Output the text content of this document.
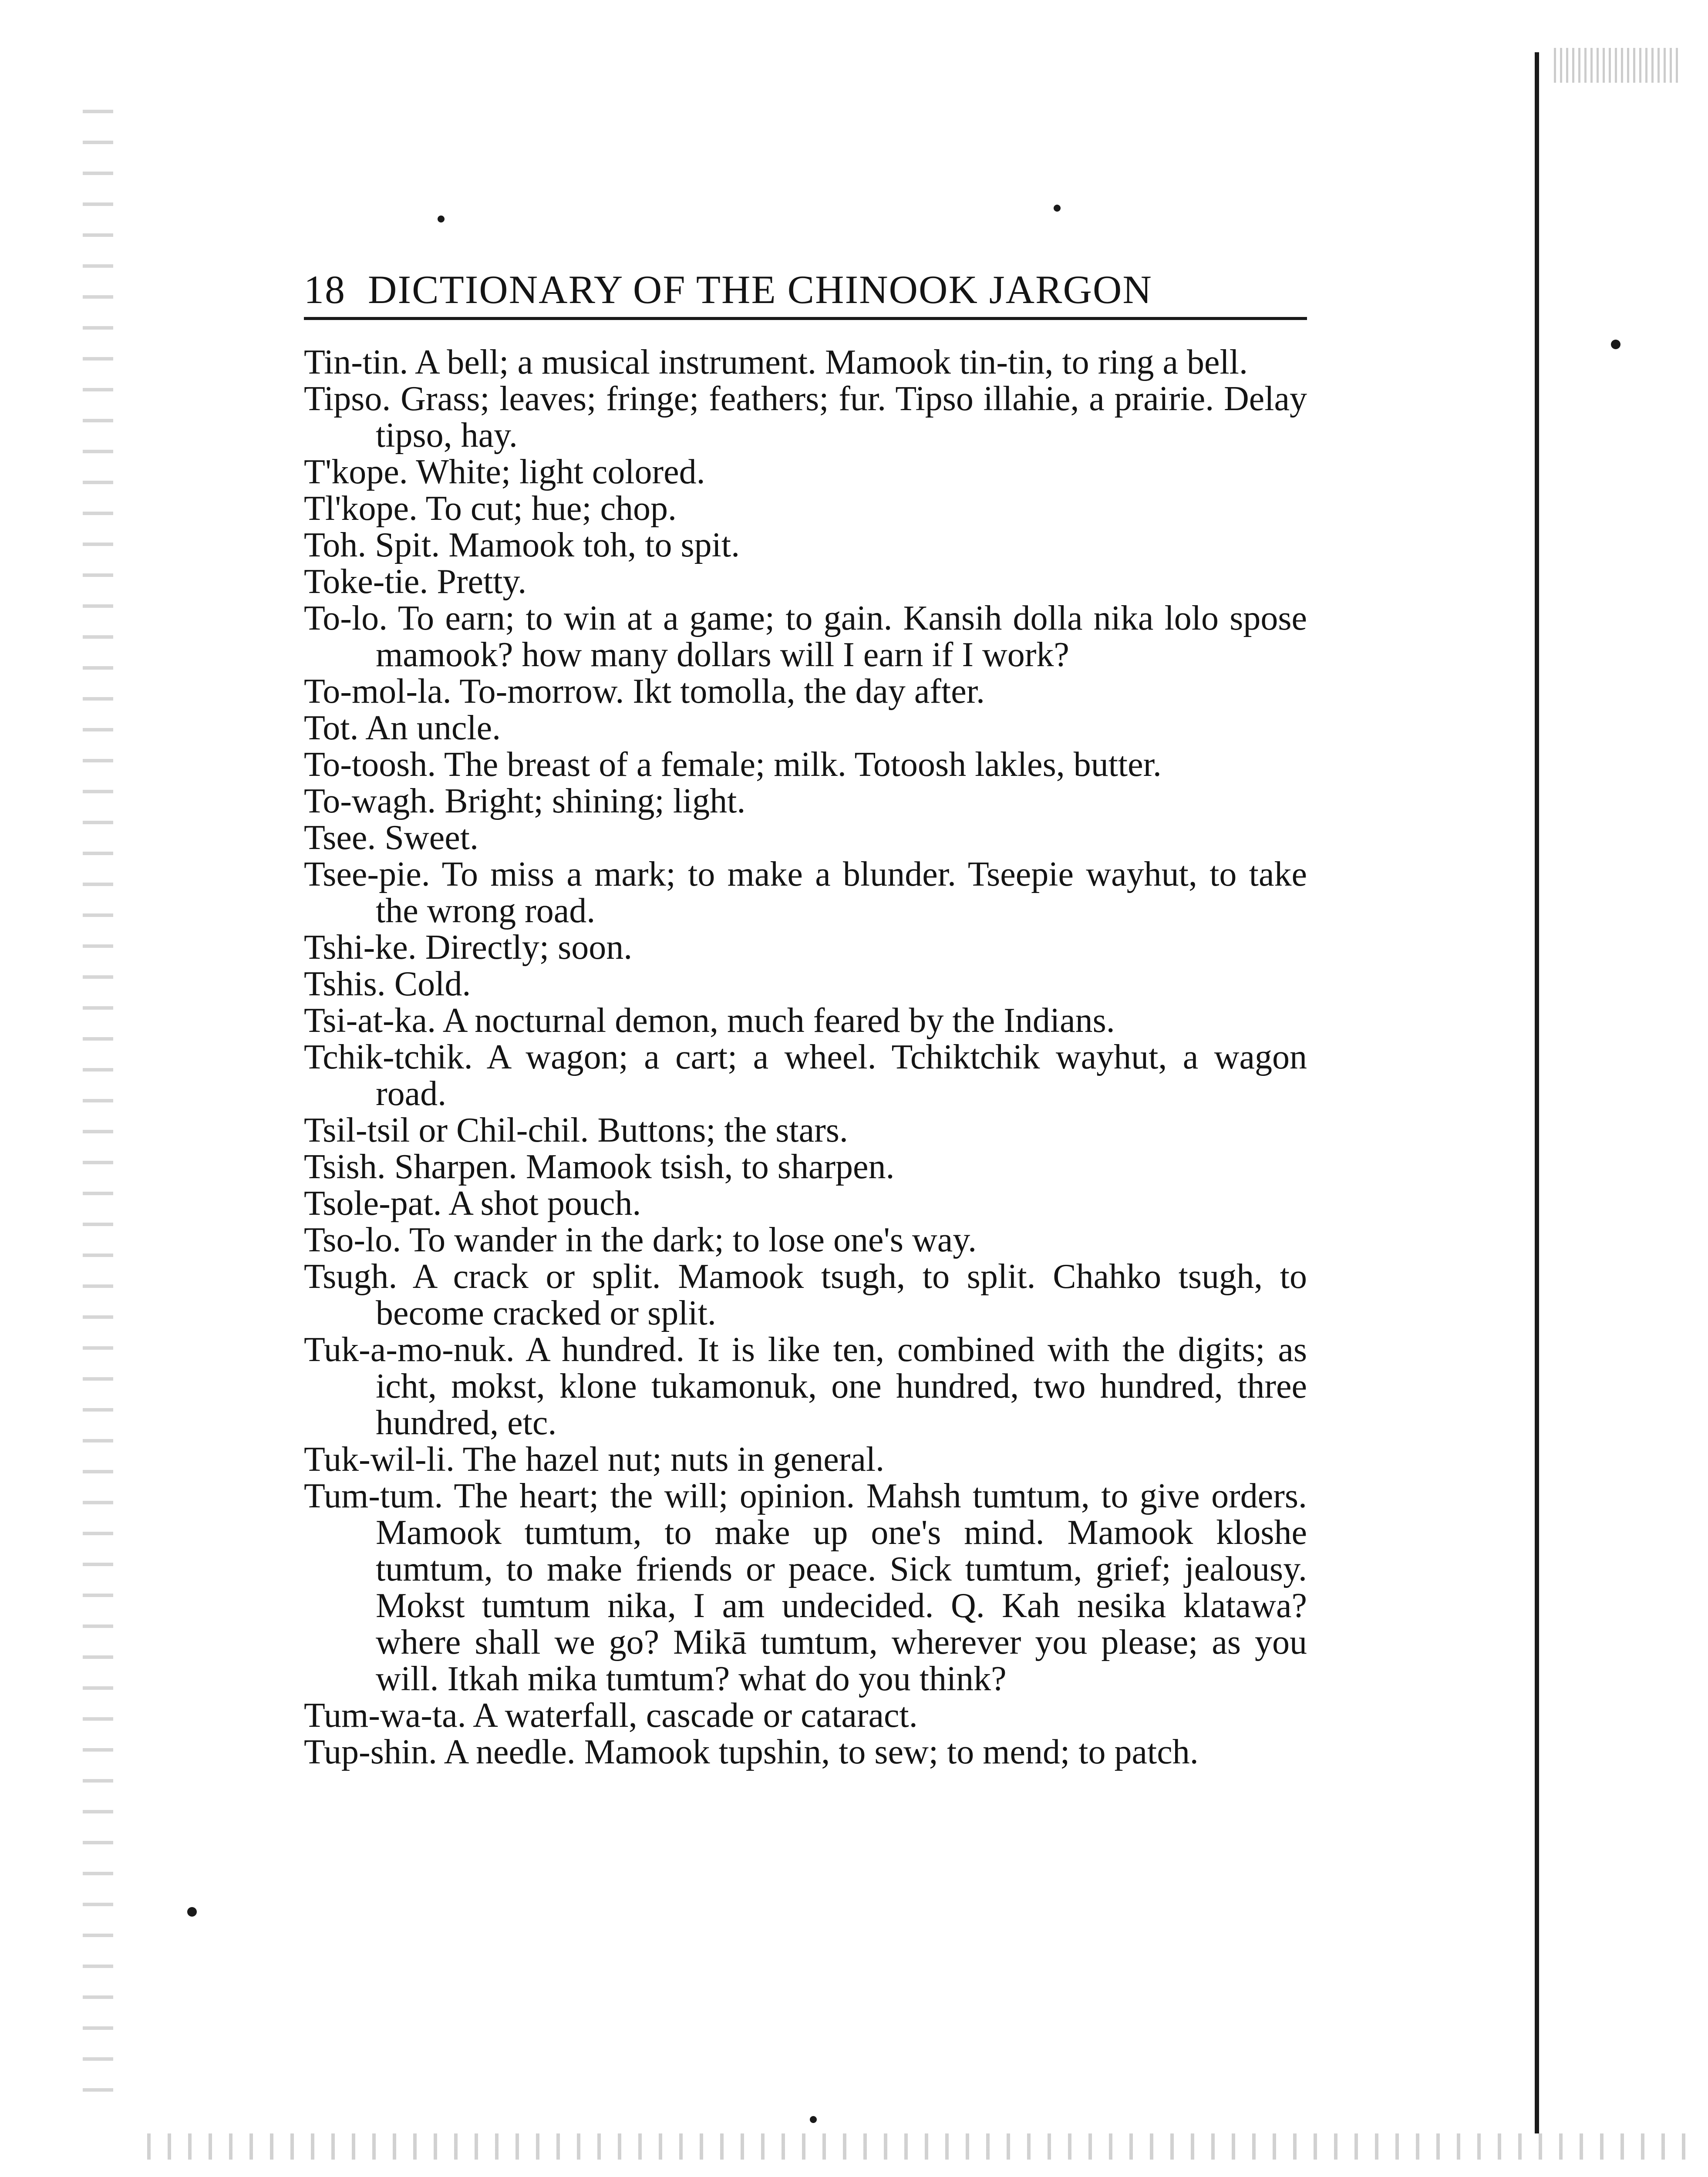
18 DICTIONARY OF THE CHINOOK JARGON

Tin-tin. A bell; a musical instrument. Mamook tin-tin, to ring a bell.

Tipso. Grass; leaves; fringe; feathers; fur. Tipso illahie, a prairie. Delay tipso, hay.

T'kope. White; light colored.

Tl'kope. To cut; hue; chop.

Toh. Spit. Mamook toh, to spit.

Toke-tie. Pretty.

To-lo. To earn; to win at a game; to gain. Kansih dolla nika lolo spose mamook? how many dollars will I earn if I work?

To-mol-la. To-morrow. Ikt tomolla, the day after.

Tot. An uncle.

To-toosh. The breast of a female; milk. Totoosh lakles, butter.

To-wagh. Bright; shining; light.

Tsee. Sweet.

Tsee-pie. To miss a mark; to make a blunder. Tseepie wayhut, to take the wrong road.

Tshi-ke. Directly; soon.

Tshis. Cold.

Tsi-at-ka. A nocturnal demon, much feared by the Indians.

Tchik-tchik. A wagon; a cart; a wheel. Tchiktchik wayhut, a wagon road.

Tsil-tsil or Chil-chil. Buttons; the stars.

Tsish. Sharpen. Mamook tsish, to sharpen.

Tsole-pat. A shot pouch.

Tso-lo. To wander in the dark; to lose one's way.

Tsugh. A crack or split. Mamook tsugh, to split. Chahko tsugh, to become cracked or split.

Tuk-a-mo-nuk. A hundred. It is like ten, combined with the digits; as icht, mokst, klone tukamonuk, one hundred, two hundred, three hundred, etc.

Tuk-wil-li. The hazel nut; nuts in general.

Tum-tum. The heart; the will; opinion. Mahsh tumtum, to give orders. Mamook tumtum, to make up one's mind. Mamook kloshe tumtum, to make friends or peace. Sick tumtum, grief; jealousy. Mokst tumtum nika, I am undecided. Q. Kah nesika klatawa? where shall we go? Mikā tumtum, wherever you please; as you will. Itkah mika tumtum? what do you think?

Tum-wa-ta. A waterfall, cascade or cataract.

Tup-shin. A needle. Mamook tupshin, to sew; to mend; to patch.
